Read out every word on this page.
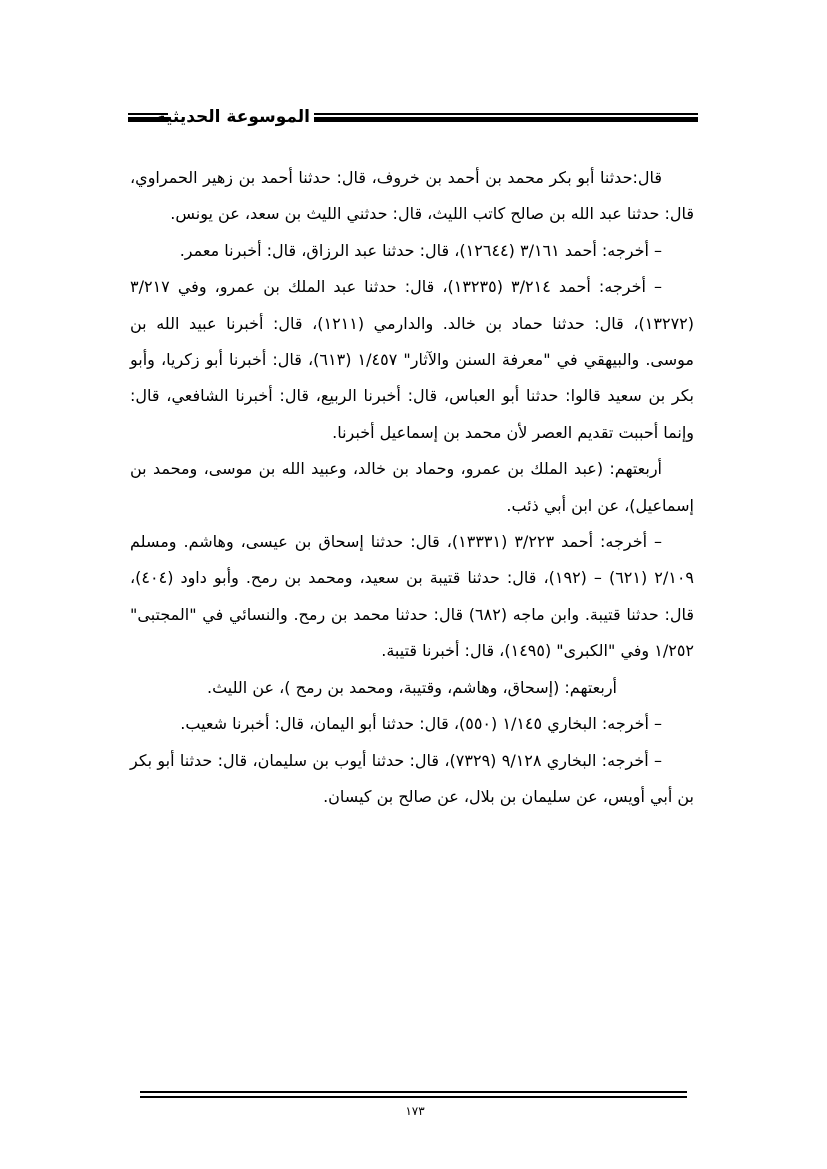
الموسوعة الحديثية

قال:حدثنا أبو بكر محمد بن أحمد بن خروف، قال: حدثنا أحمد بن زهير الحمراوي، قال: حدثنا عبد الله بن صالح كاتب الليث، قال: حدثني الليث بن سعد، عن يونس.

– أخرجه: أحمد ٣/١٦١ (١٢٦٤٤)، قال: حدثنا عبد الرزاق، قال: أخبرنا معمر.

– أخرجه: أحمد ٣/٢١٤ (١٣٢٣٥)، قال: حدثنا عبد الملك بن عمرو، وفي ٣/٢١٧ (١٣٢٧٢)، قال: حدثنا حماد بن خالد. والدارمي (١٢١١)، قال: أخبرنا عبيد الله بن موسى. والبيهقي في "معرفة السنن والآثار" ١/٤٥٧ (٦١٣)، قال: أخبرنا أبو زكريا، وأبو بكر بن سعيد قالوا: حدثنا أبو العباس، قال: أخبرنا الربيع، قال: أخبرنا الشافعي، قال: وإنما أحببت تقديم العصر لأن محمد بن إسماعيل أخبرنا.

أربعتهم: (عبد الملك بن عمرو، وحماد بن خالد، وعبيد الله بن موسى، ومحمد بن إسماعيل)، عن ابن أبي ذئب.

– أخرجه: أحمد ٣/٢٢٣ (١٣٣٣١)، قال: حدثنا إسحاق بن عيسى، وهاشم. ومسلم ٢/١٠٩ (٦٢١) – (١٩٢)، قال: حدثنا قتيبة بن سعيد، ومحمد بن رمح. وأبو داود (٤٠٤)، قال: حدثنا قتيبة. وابن ماجه (٦٨٢) قال: حدثنا محمد بن رمح. والنسائي في "المجتبى" ١/٢٥٢ وفي "الكبرى" (١٤٩٥)، قال: أخبرنا قتيبة.

أربعتهم: (إسحاق، وهاشم، وقتيبة، ومحمد بن رمح )، عن الليث.

– أخرجه: البخاري ١/١٤٥ (٥٥٠)، قال: حدثنا أبو اليمان، قال: أخبرنا شعيب.

– أخرجه: البخاري ٩/١٢٨ (٧٣٢٩)، قال: حدثنا أيوب بن سليمان، قال: حدثنا أبو بكر بن أبي أويس، عن سليمان بن بلال، عن صالح بن كيسان.

١٧٣
